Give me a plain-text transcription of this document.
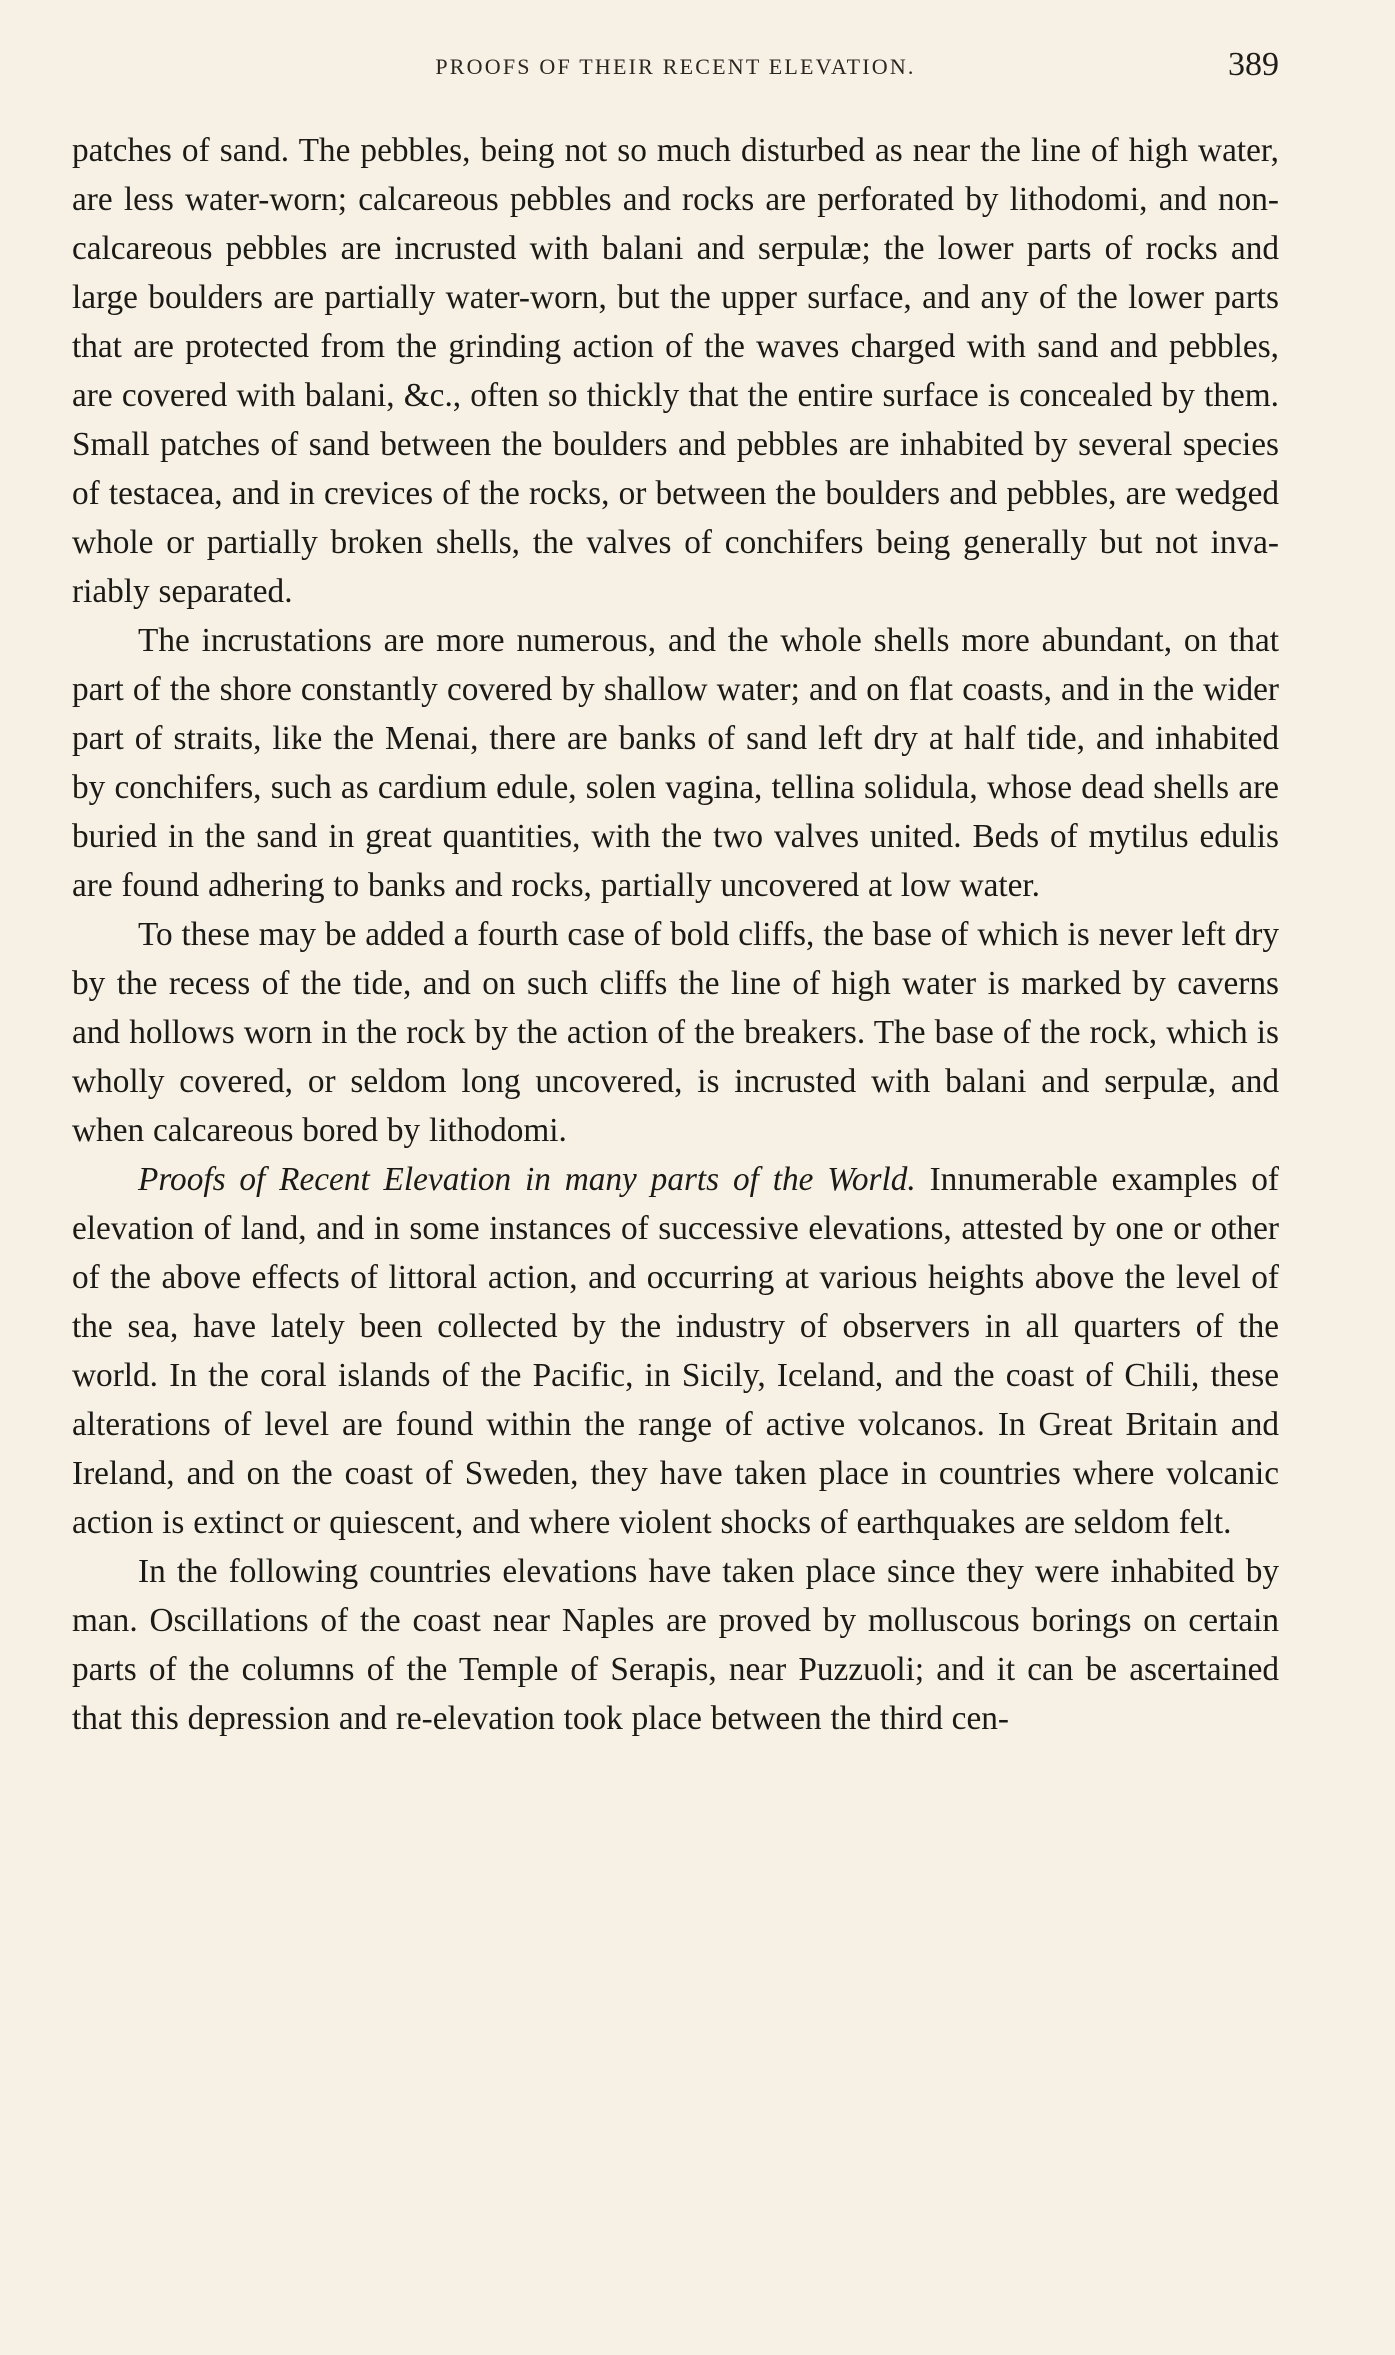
PROOFS OF THEIR RECENT ELEVATION.	389

patches of sand. The pebbles, being not so much disturbed as near the line of high water, are less water-worn; calcareous pebbles and rocks are perforated by lithodomi, and non-calcareous pebbles are incrusted with balani and serpulæ; the lower parts of rocks and large boulders are partially water-worn, but the upper surface, and any of the lower parts that are protected from the grinding action of the waves charged with sand and pebbles, are covered with balani, &c., often so thickly that the entire surface is concealed by them. Small patches of sand between the boulders and pebbles are inhabited by several species of testacea, and in crevices of the rocks, or between the boulders and pebbles, are wedged whole or partially broken shells, the valves of conchifers being generally but not invariably separated.

The incrustations are more numerous, and the whole shells more abundant, on that part of the shore constantly covered by shallow water; and on flat coasts, and in the wider part of straits, like the Menai, there are banks of sand left dry at half tide, and inhabited by conchifers, such as cardium edule, solen vagina, tellina solidula, whose dead shells are buried in the sand in great quantities, with the two valves united. Beds of mytilus edulis are found adhering to banks and rocks, partially uncovered at low water.

To these may be added a fourth case of bold cliffs, the base of which is never left dry by the recess of the tide, and on such cliffs the line of high water is marked by caverns and hollows worn in the rock by the action of the breakers. The base of the rock, which is wholly covered, or seldom long uncovered, is incrusted with balani and serpulæ, and when calcareous bored by lithodomi.

Proofs of Recent Elevation in many parts of the World. Innumerable examples of elevation of land, and in some instances of successive elevations, attested by one or other of the above effects of littoral action, and occurring at various heights above the level of the sea, have lately been collected by the industry of observers in all quarters of the world. In the coral islands of the Pacific, in Sicily, Iceland, and the coast of Chili, these alterations of level are found within the range of active volcanos. In Great Britain and Ireland, and on the coast of Sweden, they have taken place in countries where volcanic action is extinct or quiescent, and where violent shocks of earthquakes are seldom felt.

In the following countries elevations have taken place since they were inhabited by man. Oscillations of the coast near Naples are proved by molluscous borings on certain parts of the columns of the Temple of Serapis, near Puzzuoli; and it can be ascertained that this depression and re-elevation took place between the third cen-
